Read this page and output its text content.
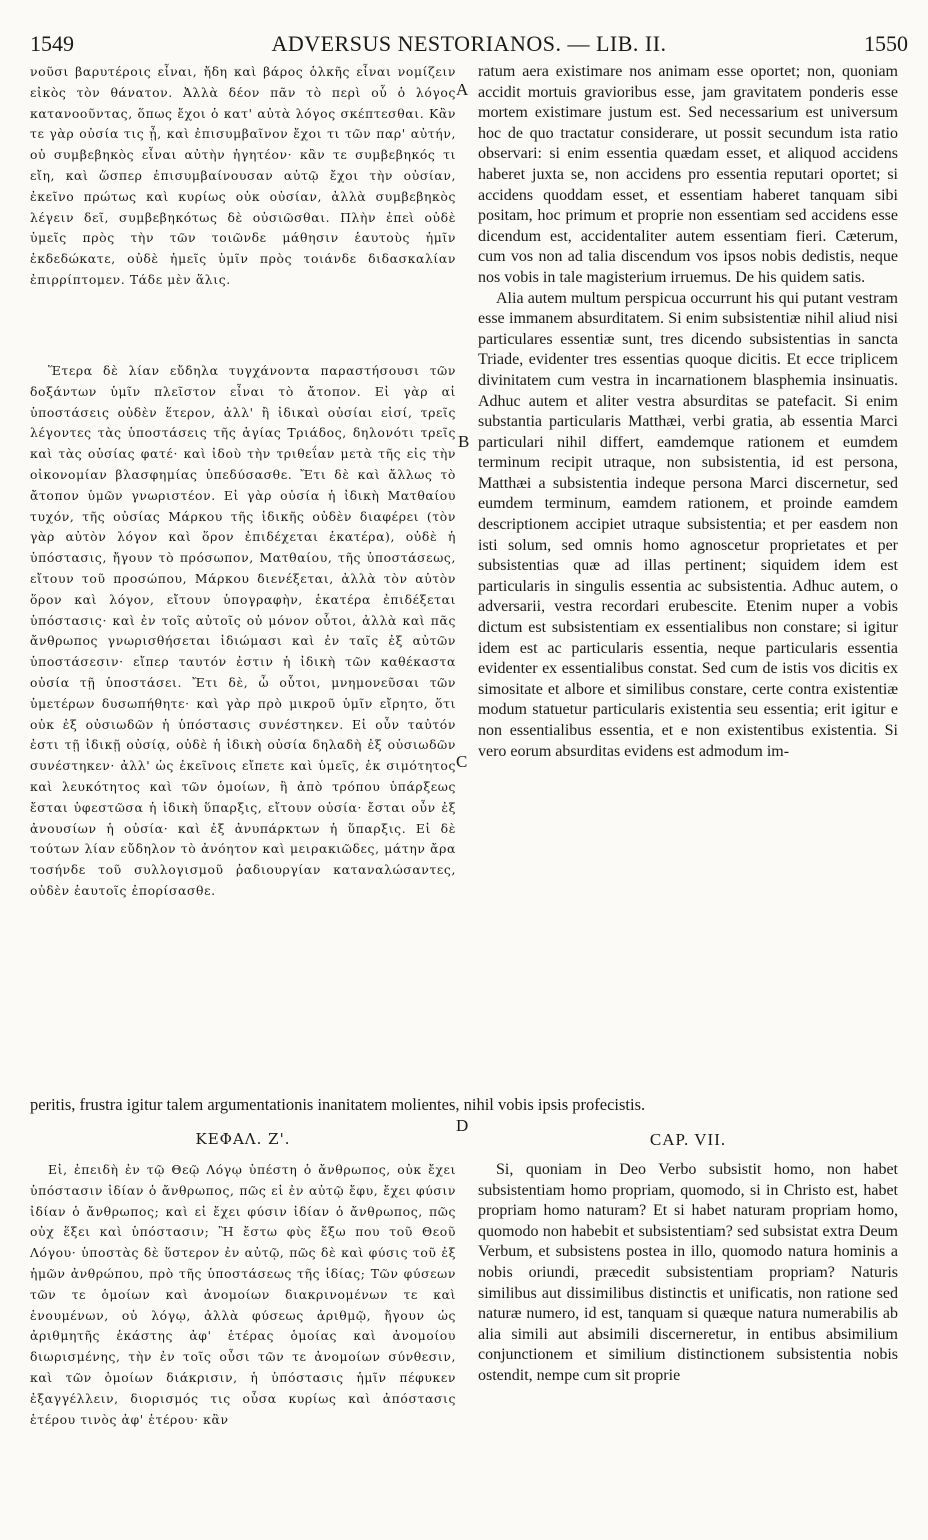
1549	ADVERSUS NESTORIANOS. — LIB. II.	1550

νοῦσι βαρυτέροις εἶναι, ἤδη καὶ βάρος ὁλκῆς εἶναι νομίζειν εἰκὸς τὸν θάνατον. Ἀλλὰ δέον πᾶν τὸ περὶ οὗ ὁ λόγος κατανοοῦντας, ὅπως ἔχοι ὁ κατ' αὐτὰ λόγος σκέπτεσθαι. Κἂν τε γὰρ οὐσία τις ᾖ, καὶ ἐπισυμβαῖνον ἔχοι τι τῶν παρ' αὐτήν, οὐ συμβεβηκὸς εἶναι αὐτὴν ἡγητέον· κἂν τε συμβεβηκός τι εἴη, καὶ ὥσπερ ἐπισυμβαίνουσαν αὐτῷ ἔχοι τὴν οὐσίαν, ἐκεῖνο πρώτως καὶ κυρίως οὐκ οὐσίαν, ἀλλὰ συμβεβηκὸς λέγειν δεῖ, συμβεβηκότως δὲ οὐσιῶσθαι. Πλὴν ἐπεὶ οὐδὲ ὑμεῖς πρὸς τὴν τῶν τοιῶνδε μάθησιν ἑαυτοὺς ἡμῖν ἐκδεδώκατε, οὐδὲ ἡμεῖς ὑμῖν πρὸς τοιάνδε διδασκαλίαν ἐπιρρίπτομεν. Τάδε μὲν ἅλις.

Ἕτερα δὲ λίαν εὔδηλα τυγχάνοντα παραστήσουσι τῶν δοξάντων ὑμῖν πλεῖστον εἶναι τὸ ἄτοπον. Εἰ γὰρ αἱ ὑποστάσεις οὐδὲν ἕτερον, ἀλλ' ἢ ἰδικαὶ οὐσίαι εἰσί, τρεῖς λέγοντες τὰς ὑποστάσεις τῆς ἁγίας Τριάδος, δηλονότι τρεῖς καὶ τὰς οὐσίας φατέ· καὶ ἰδοὺ τὴν τριθεΐαν μετὰ τῆς εἰς τὴν οἰκονομίαν βλασφημίας ὑπεδύσασθε. Ἔτι δὲ καὶ ἄλλως τὸ ἄτοπον ὑμῶν γνωριστέον. Εἰ γὰρ οὐσία ἡ ἰδικὴ Ματθαίου τυχόν, τῆς οὐσίας Μάρκου τῆς ἰδικῆς οὐδὲν διαφέρει (τὸν γὰρ αὐτὸν λόγον καὶ ὅρον ἐπιδέχεται ἑκατέρα), οὐδὲ ἡ ὑπόστασις, ἤγουν τὸ πρόσωπον, Ματθαίου, τῆς ὑποστάσεως, εἴτουν τοῦ προσώπου, Μάρκου διενέξεται, ἀλλὰ τὸν αὐτὸν ὅρον καὶ λόγον, εἴτουν ὑπογραφὴν, ἑκατέρα ἐπιδέξεται ὑπόστασις· καὶ ἐν τοῖς αὐτοῖς οὐ μόνον οὗτοι, ἀλλὰ καὶ πᾶς ἄνθρωπος γνωρισθήσεται ἰδιώμασι καὶ ἐν ταῖς ἐξ αὐτῶν ὑποστάσεσιν· εἴπερ ταυτόν ἐστιν ἡ ἰδικὴ τῶν καθέκαστα οὐσία τῇ ὑποστάσει. Ἔτι δὲ, ὦ οὗτοι, μνημονεῦσαι τῶν ὑμετέρων δυσωπήθητε· καὶ γὰρ πρὸ μικροῦ ὑμῖν εἴρητο, ὅτι οὐκ ἐξ οὐσιωδῶν ἡ ὑπόστασις συνέστηκεν. Εἰ οὖν ταὐτόν ἐστι τῇ ἰδικῇ οὐσίᾳ, οὐδὲ ἡ ἰδικὴ οὐσία δηλαδὴ ἐξ οὐσιωδῶν συνέστηκεν· ἀλλ' ὡς ἐκεῖνοις εἴπετε καὶ ὑμεῖς, ἐκ σιμότητος καὶ λευκότητος καὶ τῶν ὁμοίων, ἢ ἀπὸ τρόπου ὑπάρξεως ἔσται ὑφεστῶσα ἡ ἰδικὴ ὕπαρξις, εἴτουν οὐσία· ἔσται οὖν ἐξ ἀνουσίων ἡ οὐσία· καὶ ἐξ ἀνυπάρκτων ἡ ὕπαρξις. Εἰ δὲ τούτων λίαν εὔδηλον τὸ ἀνόητον καὶ μειρακιῶδες, μάτην ἄρα τοσήνδε τοῦ συλλογισμοῦ ῥαδιουργίαν καταναλώσαντες, οὐδὲν ἑαυτοῖς ἐπορίσασθε.

ratum aera existimare nos animam esse oportet; non, quoniam accidit mortuis gravioribus esse, jam gravitatem ponderis esse mortem existimare justum est. Sed necessarium est universum hoc de quo tractatur considerare, ut possit secundum ista ratio observari: si enim essentia quædam esset, et aliquod accidens haberet juxta se, non accidens pro essentia reputari oportet; si accidens quoddam esset, et essentiam haberet tanquam sibi positam, hoc primum et proprie non essentiam sed accidens esse dicendum est, accidentaliter autem essentiam fieri. Cæterum, cum vos non ad talia discendum vos ipsos nobis dedistis, neque nos vobis in tale magisterium irruemus. De his quidem satis.

Alia autem multum perspicua occurrunt his qui putant vestram esse immanem absurditatem. Si enim subsistentiæ nihil aliud nisi particulares essentiæ sunt, tres dicendo subsistentias in sancta Triade, evidenter tres essentias quoque dicitis. Et ecce triplicem divinitatem cum vestra in incarnationem blasphemia insinuatis. Adhuc autem et aliter vestra absurditas se patefacit. Si enim substantia particularis Matthæi, verbi gratia, ab essentia Marci particulari nihil differt, eamdemque rationem et eumdem terminum recipit utraque, non subsistentia, id est persona, Matthæi a subsistentia indeque persona Marci discernetur, sed eumdem terminum, eamdem rationem, et proinde eamdem descriptionem accipiet utraque subsistentia; et per easdem non isti solum, sed omnis homo agnoscetur proprietates et per subsistentias quæ ad illas pertinent; siquidem idem est particularis in singulis essentia ac subsistentia. Adhuc autem, o adversarii, vestra recordari erubescite. Etenim nuper a vobis dictum est subsistentiam ex essentialibus non constare; si igitur idem est ac particularis essentia, neque particularis essentia evidenter ex essentialibus constat. Sed cum de istis vos dicitis ex simositate et albore et similibus constare, certe contra existentiæ modum statuetur particularis existentia seu essentia; erit igitur e non essentialibus essentia, et e non existentibus existentia. Si vero eorum absurditas evidens est admodum im-

peritis, frustra igitur talem argumentationis inanitatem molientes, nihil vobis ipsis profecistis.
A
B
C
D
ΚΕΦΑΛ. Ζ'.	CAP. VII.

Εἰ, ἐπειδὴ ἐν τῷ Θεῷ Λόγῳ ὑπέστη ὁ ἄνθρωπος, οὐκ ἔχει ὑπόστασιν ἰδίαν ὁ ἄνθρωπος, πῶς εἰ ἐν αὐτῷ ἔφυ, ἔχει φύσιν ἰδίαν ὁ ἄνθρωπος; καὶ εἰ ἔχει φύσιν ἰδίαν ὁ ἄνθρωπος, πῶς οὐχ ἕξει καὶ ὑπόστασιν; Ἢ ἔστω φὺς ἔξω που τοῦ Θεοῦ Λόγου· ὑποστὰς δὲ ὕστερον ἐν αὐτῷ, πῶς δὲ καὶ φύσις τοῦ ἐξ ἡμῶν ἀνθρώπου, πρὸ τῆς ὑποστάσεως τῆς ἰδίας; Τῶν φύσεων τῶν τε ὁμοίων καὶ ἀνομοίων διακρινομένων τε καὶ ἑνουμένων, οὐ λόγῳ, ἀλλὰ φύσεως ἀριθμῷ, ἤγουν ὡς ἀριθμητῆς ἑκάστης ἀφ' ἑτέρας ὁμοίας καὶ ἀνομοίου διωρισμένης, τὴν ἐν τοῖς οὖσι τῶν τε ἀνομοίων σύνθεσιν, καὶ τῶν ὁμοίων διάκρισιν, ἡ ὑπόστασις ἡμῖν πέφυκεν ἐξαγγέλλειν, διορισμός τις οὖσα κυρίως καὶ ἀπόστασις ἑτέρου τινὸς ἀφ' ἑτέρου· κἂν

Si, quoniam in Deo Verbo subsistit homo, non habet subsistentiam homo propriam, quomodo, si in Christo est, habet propriam homo naturam? Et si habet naturam propriam homo, quomodo non habebit et subsistentiam? sed subsistat extra Deum Verbum, et subsistens postea in illo, quomodo natura hominis a nobis oriundi, præcedit subsistentiam propriam? Naturis similibus aut dissimilibus distinctis et unificatis, non ratione sed naturæ numero, id est, tanquam si quæque natura numerabilis ab alia simili aut absimili discerneretur, in entibus absimilium conjunctionem et similium distinctionem subsistentia nobis ostendit, nempe cum sit proprie
